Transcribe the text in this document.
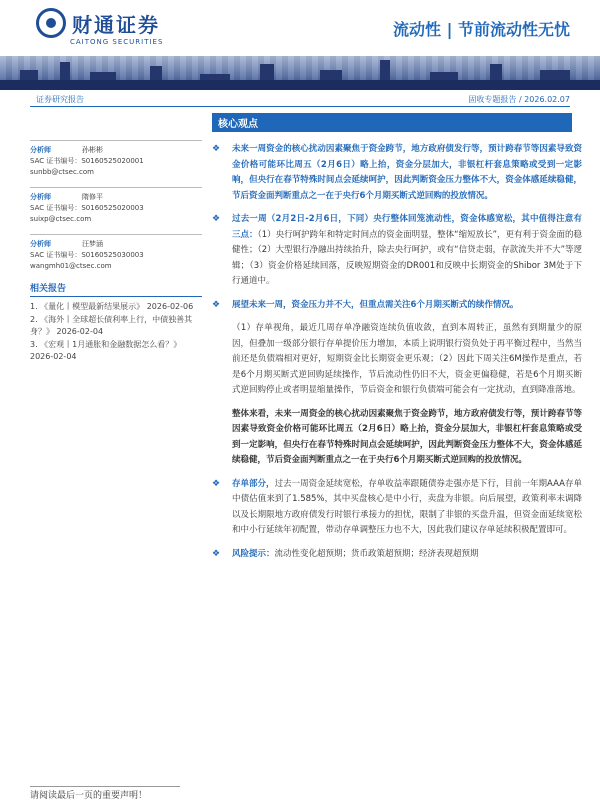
财通证券
CAITONG SECURITIES
流动性 | 节前流动性无忧
证券研究报告	固收专题报告 / 2026.02.07
分析师	孙彬彬
SAC 证书编号：S0160525020001
sunbb@ctsec.com
分析师	隋修平
SAC 证书编号：S0160525020003
suixp@ctsec.com
分析师	汪梦涵
SAC 证书编号：S0160525030003
wangmh01@ctsec.com
相关报告

1. 《量化丨模型最新结果展示》 2026-02-06

2. 《海外丨全球超长债利率上行，中债独善其身？》 2026-02-04

3. 《宏观丨1月通胀和金融数据怎么看？》 2026-02-04

核心观点
❖ 未来一周资金的核心扰动因素聚焦于资金跨节，地方政府债发行等，预计跨春节等因素导致资金价格可能环比周五（2月6日）略上抬，资金分层加大，非银杠杆套息策略或受到一定影响，但央行在春节特殊时间点会延续呵护，因此判断资金压力整体不大，资金体感延续稳健，节后资金面判断重点之一在于央行6个月期买断式逆回购的投放情况。
❖ 过去一周（2月2日-2月6日，下同）央行整体回笼流动性，资金体感宽松，其中值得注意有三点：（1）央行呵护跨年和特定时间点的资金面明显，整体“缩短放长”，更有利于资金面的稳健性；（2）大型银行净融出持续抬升，除去央行呵护，或有“信贷走弱，存款流失并不大”等逻辑；（3）资金价格延续回落，反映短期资金的DR001和反映中长期资金的Shibor 3M处于下行通道中。
❖ 展望未来一周，资金压力并不大，但重点需关注6个月期买断式的续作情况。
（1）存单视角，最近几周存单净融资连续负值收敛，直到本周转正，虽然有到期量少的原因，但叠加一级部分银行存单提价压力增加，本质上说明银行资负处于再平衡过程中，当然当前还是负债端相对更好，短期资金比长期资金更乐观；（2）因此下周关注6M操作是重点，若是6个月期买断式逆回购延续操作，节后流动性仍旧不大，资金更偏稳健，若是6个月期买断式逆回购停止或者明显缩量操作，节后资金和银行负债端可能会有一定扰动，直到降准落地。
整体来看，未来一周资金的核心扰动因素聚焦于资金跨节，地方政府债发行等，预计跨春节等因素导致资金价格可能环比周五（2月6日）略上抬，资金分层加大，非银杠杆套息策略或受到一定影响，但央行在春节特殊时间点会延续呵护，因此判断资金压力整体不大，资金体感延续稳健，节后资金面判断重点之一在于央行6个月期买断式逆回购的投放情况。
❖ 存单部分，过去一周资金延续宽松，存单收益率跟随债券走强亦是下行，目前一年期AAA存单中债估值来到了1.585%，其中买盘核心是中小行，卖盘为非银。向后展望，政策利率未调降以及长期限地方政府债发行时银行承接力的担忧，限制了非银的买盘升温，但资金面延续宽松和中小行延续年初配置，带动存单调整压力也不大，因此我们建议存单延续积极配置即可。
❖ 风险提示：流动性变化超预期；货币政策超预期；经济表现超预期
请阅读最后一页的重要声明！
